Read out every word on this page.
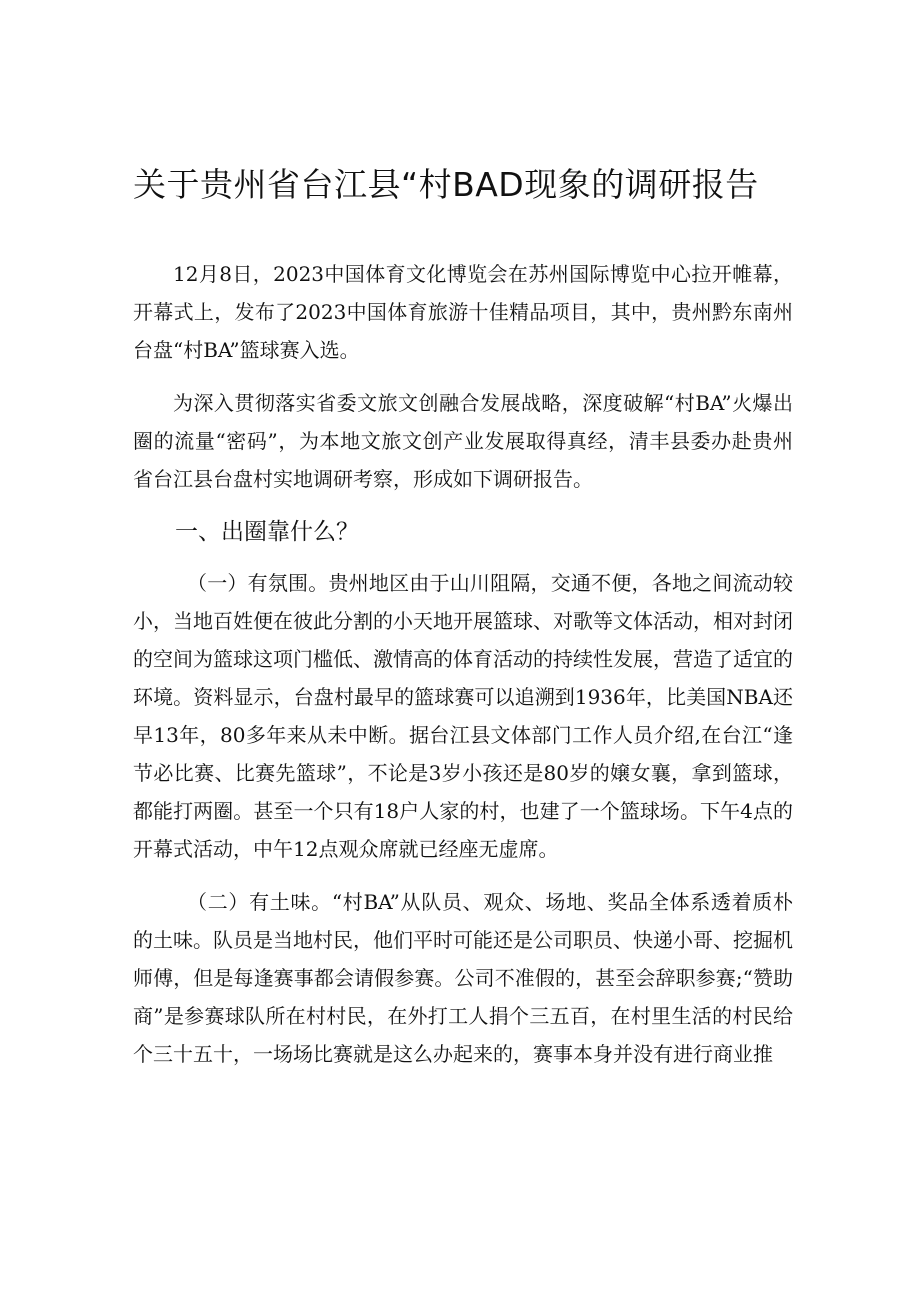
关于贵州省台江县“村BAD现象的调研报告

12月8日，2023中国体育文化博览会在苏州国际博览中心拉开帷幕，开幕式上，发布了2023中国体育旅游十佳精品项目，其中，贵州黔东南州台盘“村BA”篮球赛入选。

为深入贯彻落实省委文旅文创融合发展战略，深度破解“村BA”火爆出圈的流量“密码”，为本地文旅文创产业发展取得真经，清丰县委办赴贵州省台江县台盘村实地调研考察，形成如下调研报告。

一、出圈靠什么？

（一）有氛围。贵州地区由于山川阻隔，交通不便，各地之间流动较小，当地百姓便在彼此分割的小天地开展篮球、对歌等文体活动，相对封闭的空间为篮球这项门槛低、激情高的体育活动的持续性发展，营造了适宜的环境。资料显示，台盘村最早的篮球赛可以追溯到1936年，比美国NBA还早13年，80多年来从未中断。据台江县文体部门工作人员介绍,在台江“逢节必比赛、比赛先篮球”，不论是3岁小孩还是80岁的嬢女襄，拿到篮球，都能打两圈。甚至一个只有18户人家的村，也建了一个篮球场。下午4点的开幕式活动，中午12点观众席就已经座无虚席。

（二）有土味。“村BA”从队员、观众、场地、奖品全体系透着质朴的土味。队员是当地村民，他们平时可能还是公司职员、快递小哥、挖掘机师傅，但是每逢赛事都会请假参赛。公司不准假的，甚至会辞职参赛;“赞助商”是参赛球队所在村村民，在外打工人捐个三五百，在村里生活的村民给个三十五十，一场场比赛就是这么办起来的，赛事本身并没有进行商业推
